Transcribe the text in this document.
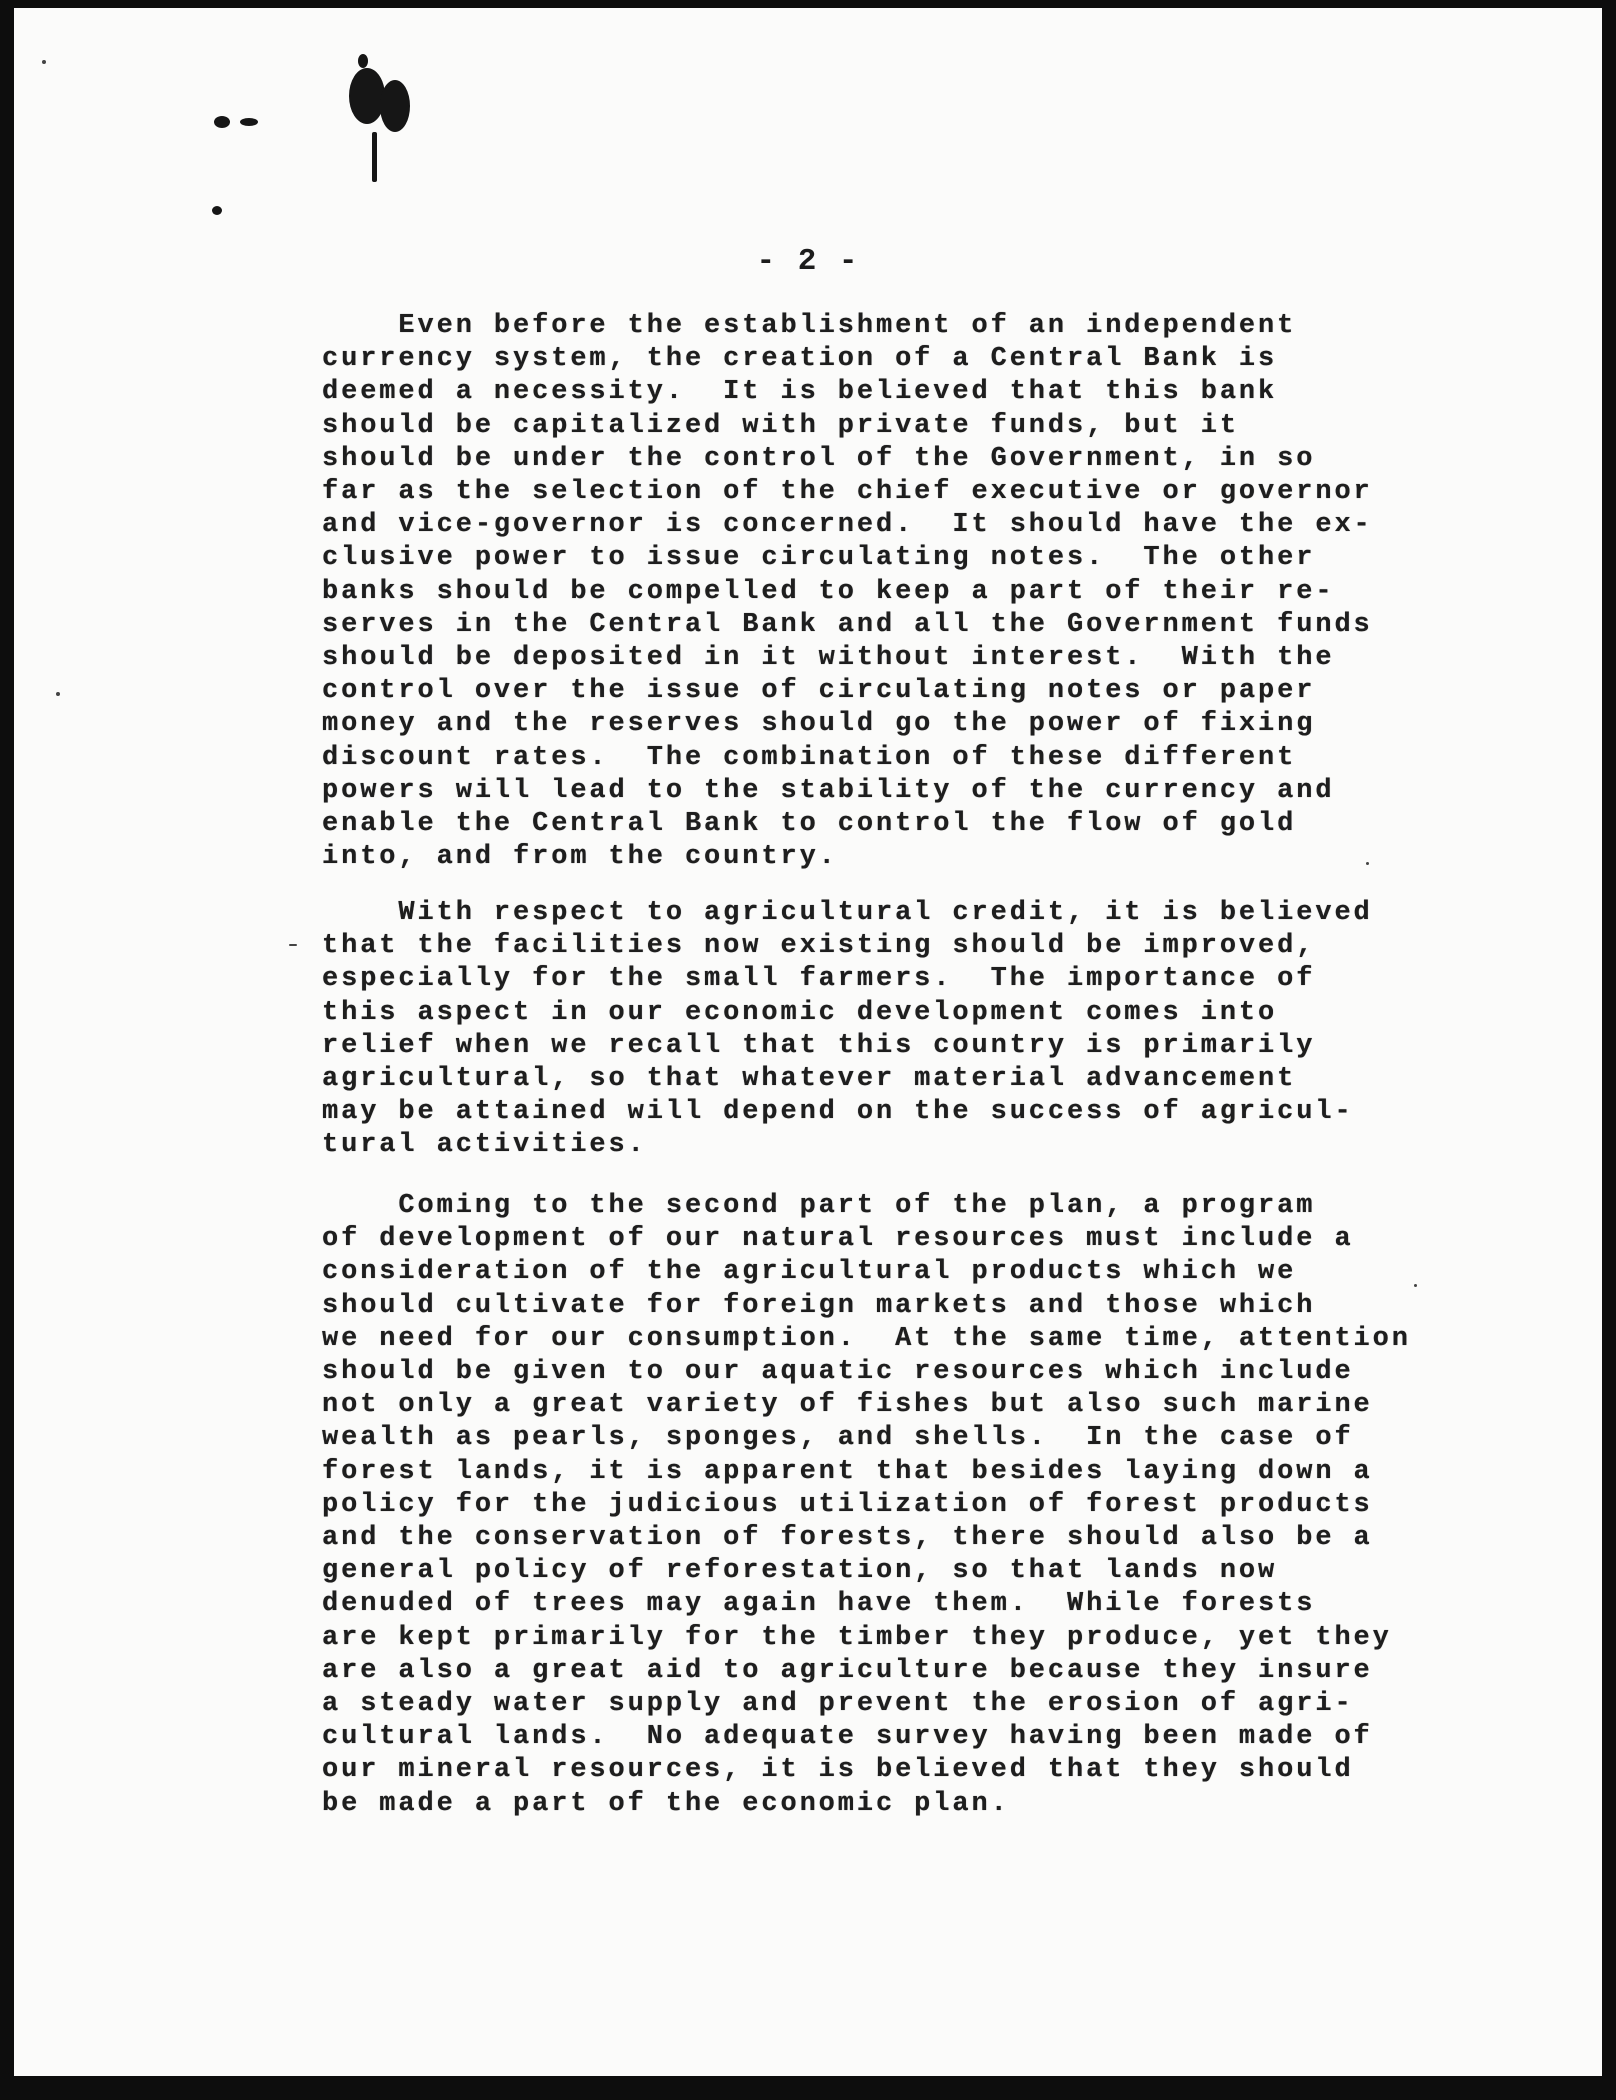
- 2 -

Even before the establishment of an independent
currency system, the creation of a Central Bank is
deemed a necessity.  It is believed that this bank
should be capitalized with private funds, but it
should be under the control of the Government, in so
far as the selection of the chief executive or governor
and vice-governor is concerned.  It should have the ex-
clusive power to issue circulating notes.  The other
banks should be compelled to keep a part of their re-
serves in the Central Bank and all the Government funds
should be deposited in it without interest.  With the
control over the issue of circulating notes or paper
money and the reserves should go the power of fixing
discount rates.  The combination of these different
powers will lead to the stability of the currency and
enable the Central Bank to control the flow of gold
into, and from the country.

With respect to agricultural credit, it is believed
that the facilities now existing should be improved,
especially for the small farmers.  The importance of
this aspect in our economic development comes into
relief when we recall that this country is primarily
agricultural, so that whatever material advancement
may be attained will depend on the success of agricul-
tural activities.

Coming to the second part of the plan, a program
of development of our natural resources must include a
consideration of the agricultural products which we
should cultivate for foreign markets and those which
we need for our consumption.  At the same time, attention
should be given to our aquatic resources which include
not only a great variety of fishes but also such marine
wealth as pearls, sponges, and shells.  In the case of
forest lands, it is apparent that besides laying down a
policy for the judicious utilization of forest products
and the conservation of forests, there should also be a
general policy of reforestation, so that lands now
denuded of trees may again have them.  While forests
are kept primarily for the timber they produce, yet they
are also a great aid to agriculture because they insure
a steady water supply and prevent the erosion of agri-
cultural lands.  No adequate survey having been made of
our mineral resources, it is believed that they should
be made a part of the economic plan.
